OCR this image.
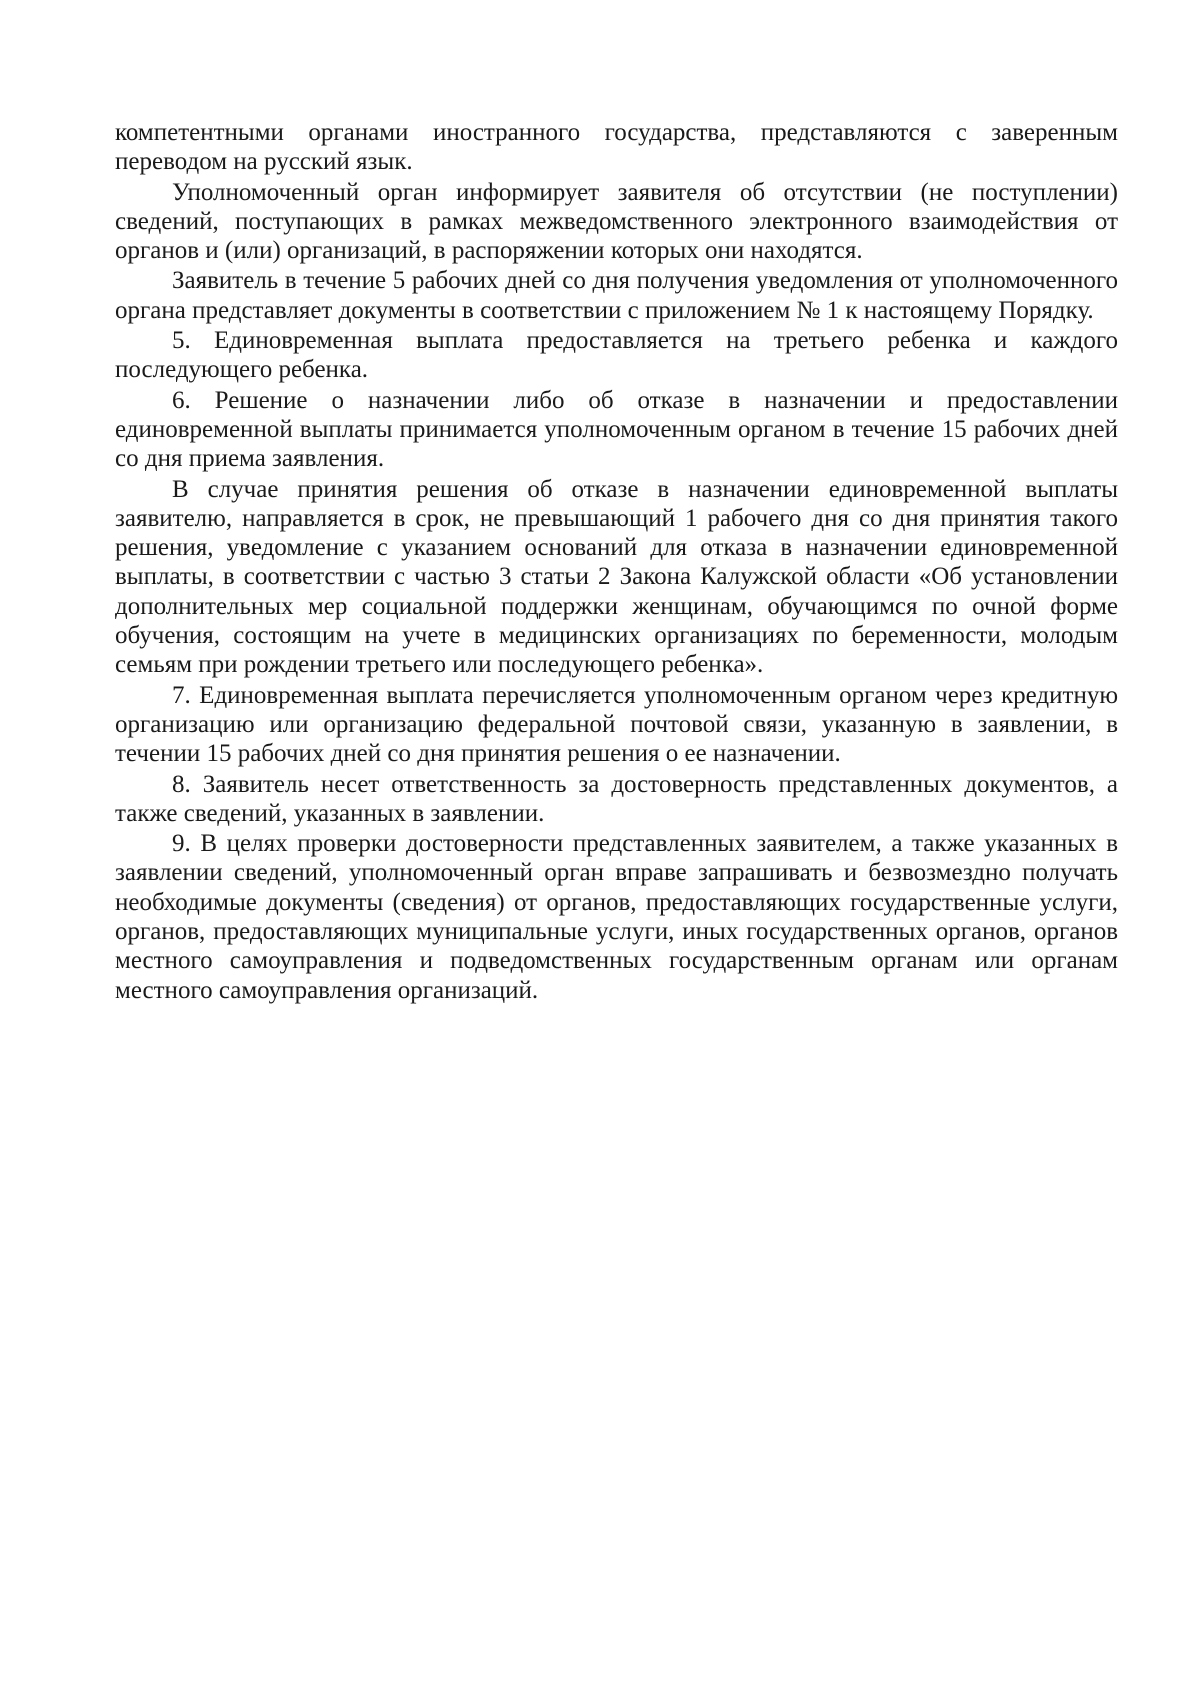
компетентными органами иностранного государства, представляются с заверенным переводом на русский язык.

Уполномоченный орган информирует заявителя об отсутствии (не поступлении) сведений, поступающих в рамках межведомственного электронного взаимодействия от органов и (или) организаций, в распоряжении которых они находятся.

Заявитель в течение 5 рабочих дней со дня получения уведомления от уполномоченного органа представляет документы в соответствии с приложением № 1 к настоящему Порядку.

5. Единовременная выплата предоставляется на третьего ребенка и каждого последующего ребенка.

6. Решение о назначении либо об отказе в назначении и предоставлении единовременной выплаты принимается уполномоченным органом в течение 15 рабочих дней со дня приема заявления.

В случае принятия решения об отказе в назначении единовременной выплаты заявителю, направляется в срок, не превышающий 1 рабочего дня со дня принятия такого решения, уведомление с указанием оснований для отказа в назначении единовременной выплаты, в соответствии с частью 3 статьи 2 Закона Калужской области «Об установлении дополнительных мер социальной поддержки женщинам, обучающимся по очной форме обучения, состоящим на учете в медицинских организациях по беременности, молодым семьям при рождении третьего или последующего ребенка».

7. Единовременная выплата перечисляется уполномоченным органом через кредитную организацию или организацию федеральной почтовой связи, указанную в заявлении, в течении 15 рабочих дней со дня принятия решения о ее назначении.

8. Заявитель несет ответственность за достоверность представленных документов, а также сведений, указанных в заявлении.

9. В целях проверки достоверности представленных заявителем, а также указанных в заявлении сведений, уполномоченный орган вправе запрашивать и безвозмездно получать необходимые документы (сведения) от органов, предоставляющих государственные услуги, органов, предоставляющих муниципальные услуги, иных государственных органов, органов местного самоуправления и подведомственных государственным органам или органам местного самоуправления организаций.
